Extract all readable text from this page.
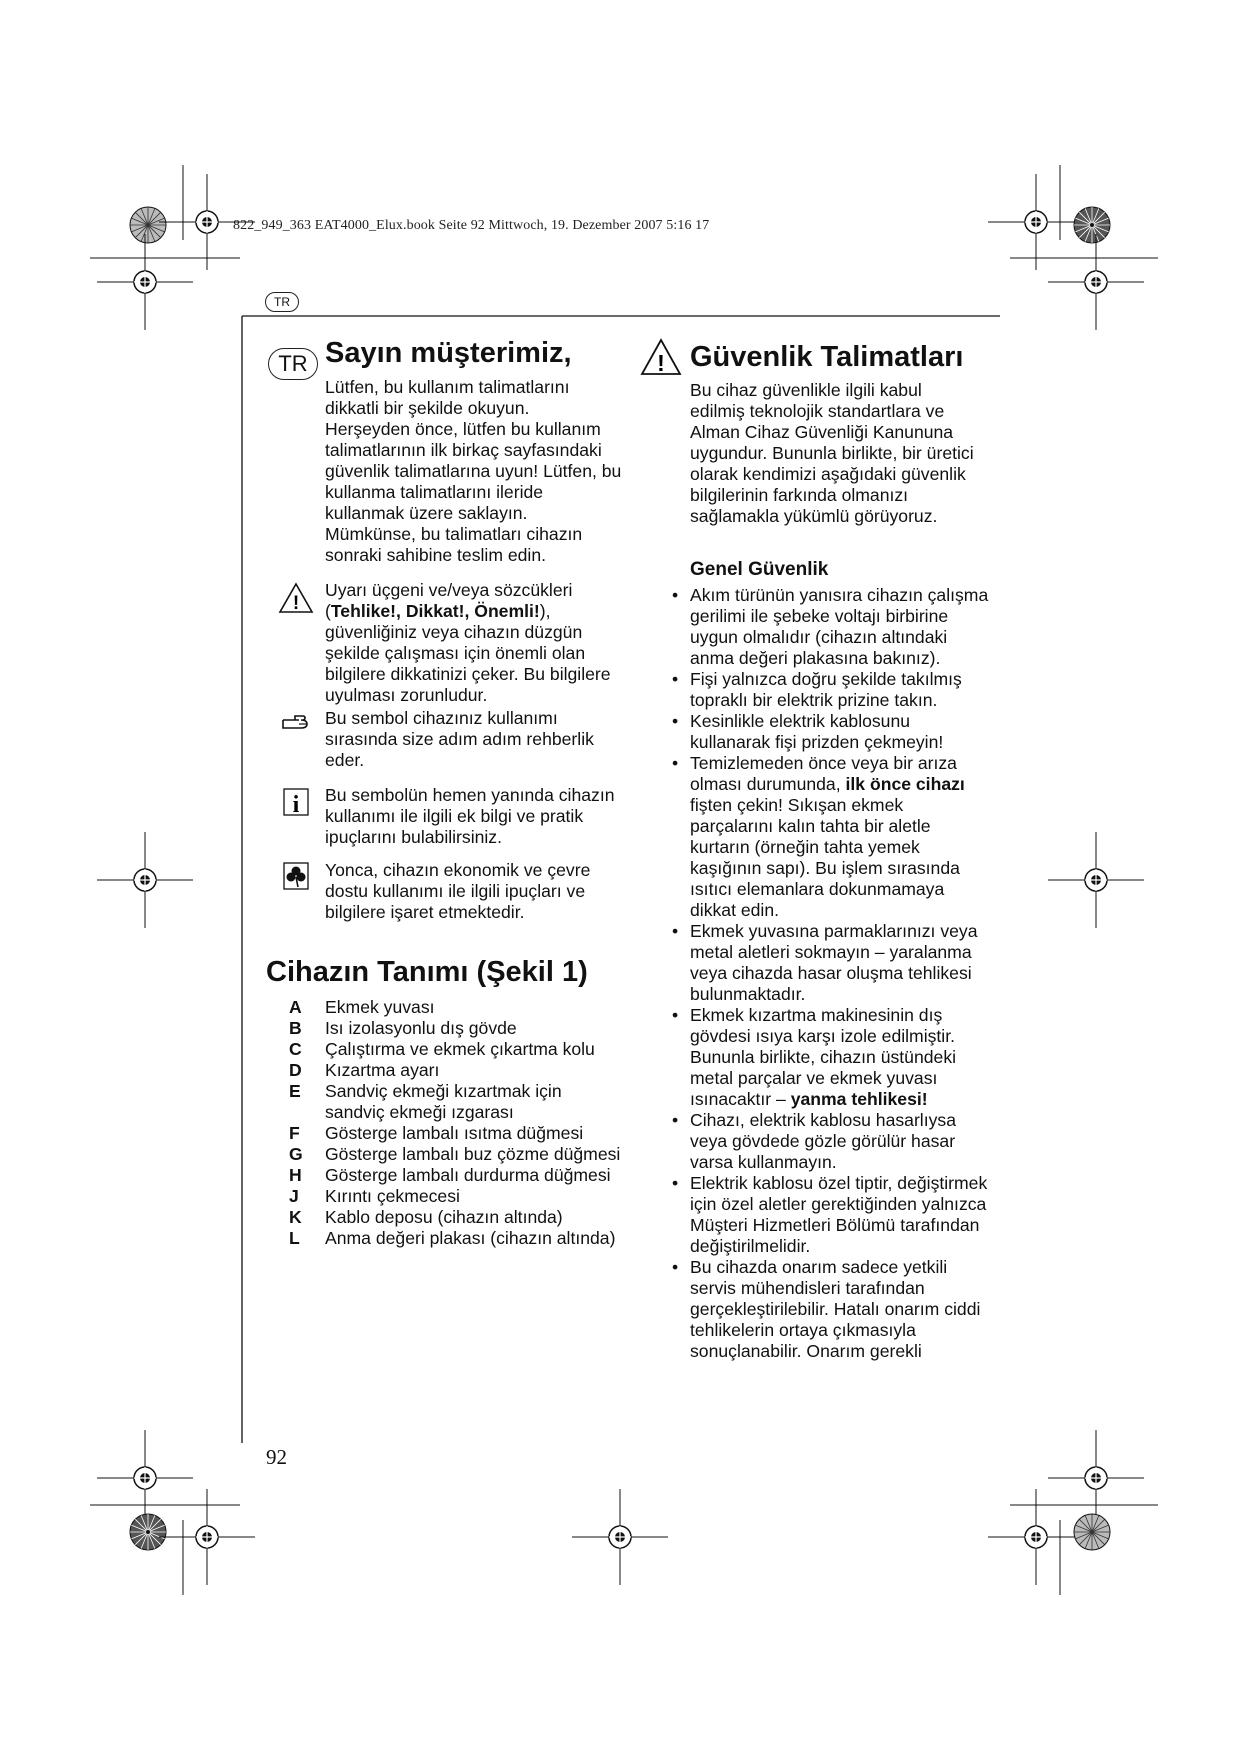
822_949_363 EAT4000_Elux.book Seite 92 Mittwoch, 19. Dezember 2007 5:16 17
TR
TR Sayın müşterimiz,

Lütfen, bu kullanım talimatlarını dikkatli bir şekilde okuyun.

Herşeyden önce, lütfen bu kullanım talimatlarının ilk birkaç sayfasındaki güvenlik talimatlarına uyun! Lütfen, bu kullanma talimatlarını ileride kullanmak üzere saklayın. Mümkünse, bu talimatları cihazın sonraki sahibine teslim edin.

!
Uyarı üçgeni ve/veya sözcükleri (Tehlike!, Dikkat!, Önemli!), güvenliğiniz veya cihazın düzgün şekilde çalışması için önemli olan bilgilere dikkatinizi çeker. Bu bilgilere uyulması zorunludur.
Bu sembol cihazınız kullanımı sırasında size adım adım rehberlik eder.
i Bu sembolün hemen yanında cihazın kullanımı ile ilgili ek bilgi ve pratik ipuçlarını bulabilirsiniz.
Yonca, cihazın ekonomik ve çevre dostu kullanımı ile ilgili ipuçları ve bilgilere işaret etmektedir.
Cihazın Tanımı (Şekil 1)
A Ekmek yuvası
B Isı izolasyonlu dış gövde
C Çalıştırma ve ekmek çıkartma kolu
D Kızartma ayarı
E Sandviç ekmeği kızartmak için sandviç ekmeği ızgarası
F Gösterge lambalı ısıtma düğmesi
G Gösterge lambalı buz çözme düğmesi
H Gösterge lambalı durdurma düğmesi
J Kırıntı çekmecesi
K Kablo deposu (cihazın altında)
L Anma değeri plakası (cihazın altında)
92
! Güvenlik Talimatları
Bu cihaz güvenlikle ilgili kabul edilmiş teknolojik standartlara ve Alman Cihaz Güvenliği Kanununa uygundur. Bununla birlikte, bir üretici olarak kendimizi aşağıdaki güvenlik bilgilerinin farkında olmanızı sağlamakla yükümlü görüyoruz.
Genel Güvenlik
• Akım türünün yanısıra cihazın çalışma gerilimi ile şebeke voltajı birbirine uygun olmalıdır (cihazın altındaki anma değeri plakasına bakınız).
• Fişi yalnızca doğru şekilde takılmış topraklı bir elektrik prizine takın.
• Kesinlikle elektrik kablosunu kullanarak fişi prizden çekmeyin!
• Temizlemeden önce veya bir arıza olması durumunda, ilk önce cihazı fişten çekin! Sıkışan ekmek parçalarını kalın tahta bir aletle kurtarın (örneğin tahta yemek kaşığının sapı). Bu işlem sırasında ısıtıcı elemanlara dokunmamaya dikkat edin.
• Ekmek yuvasına parmaklarınızı veya metal aletleri sokmayın – yaralanma veya cihazda hasar oluşma tehlikesi bulunmaktadır.
• Ekmek kızartma makinesinin dış gövdesi ısıya karşı izole edilmiştir. Bununla birlikte, cihazın üstündeki metal parçalar ve ekmek yuvası ısınacaktır – yanma tehlikesi!
• Cihazı, elektrik kablosu hasarlıysa veya gövdede gözle görülür hasar varsa kullanmayın.
• Elektrik kablosu özel tiptir, değiştirmek için özel aletler gerektiğinden yalnızca Müşteri Hizmetleri Bölümü tarafından değiştirilmelidir.
• Bu cihazda onarım sadece yetkili servis mühendisleri tarafından gerçekleştirilebilir. Hatalı onarım ciddi tehlikelerin ortaya çıkmasıyla sonuçlanabilir. Onarım gerekli
